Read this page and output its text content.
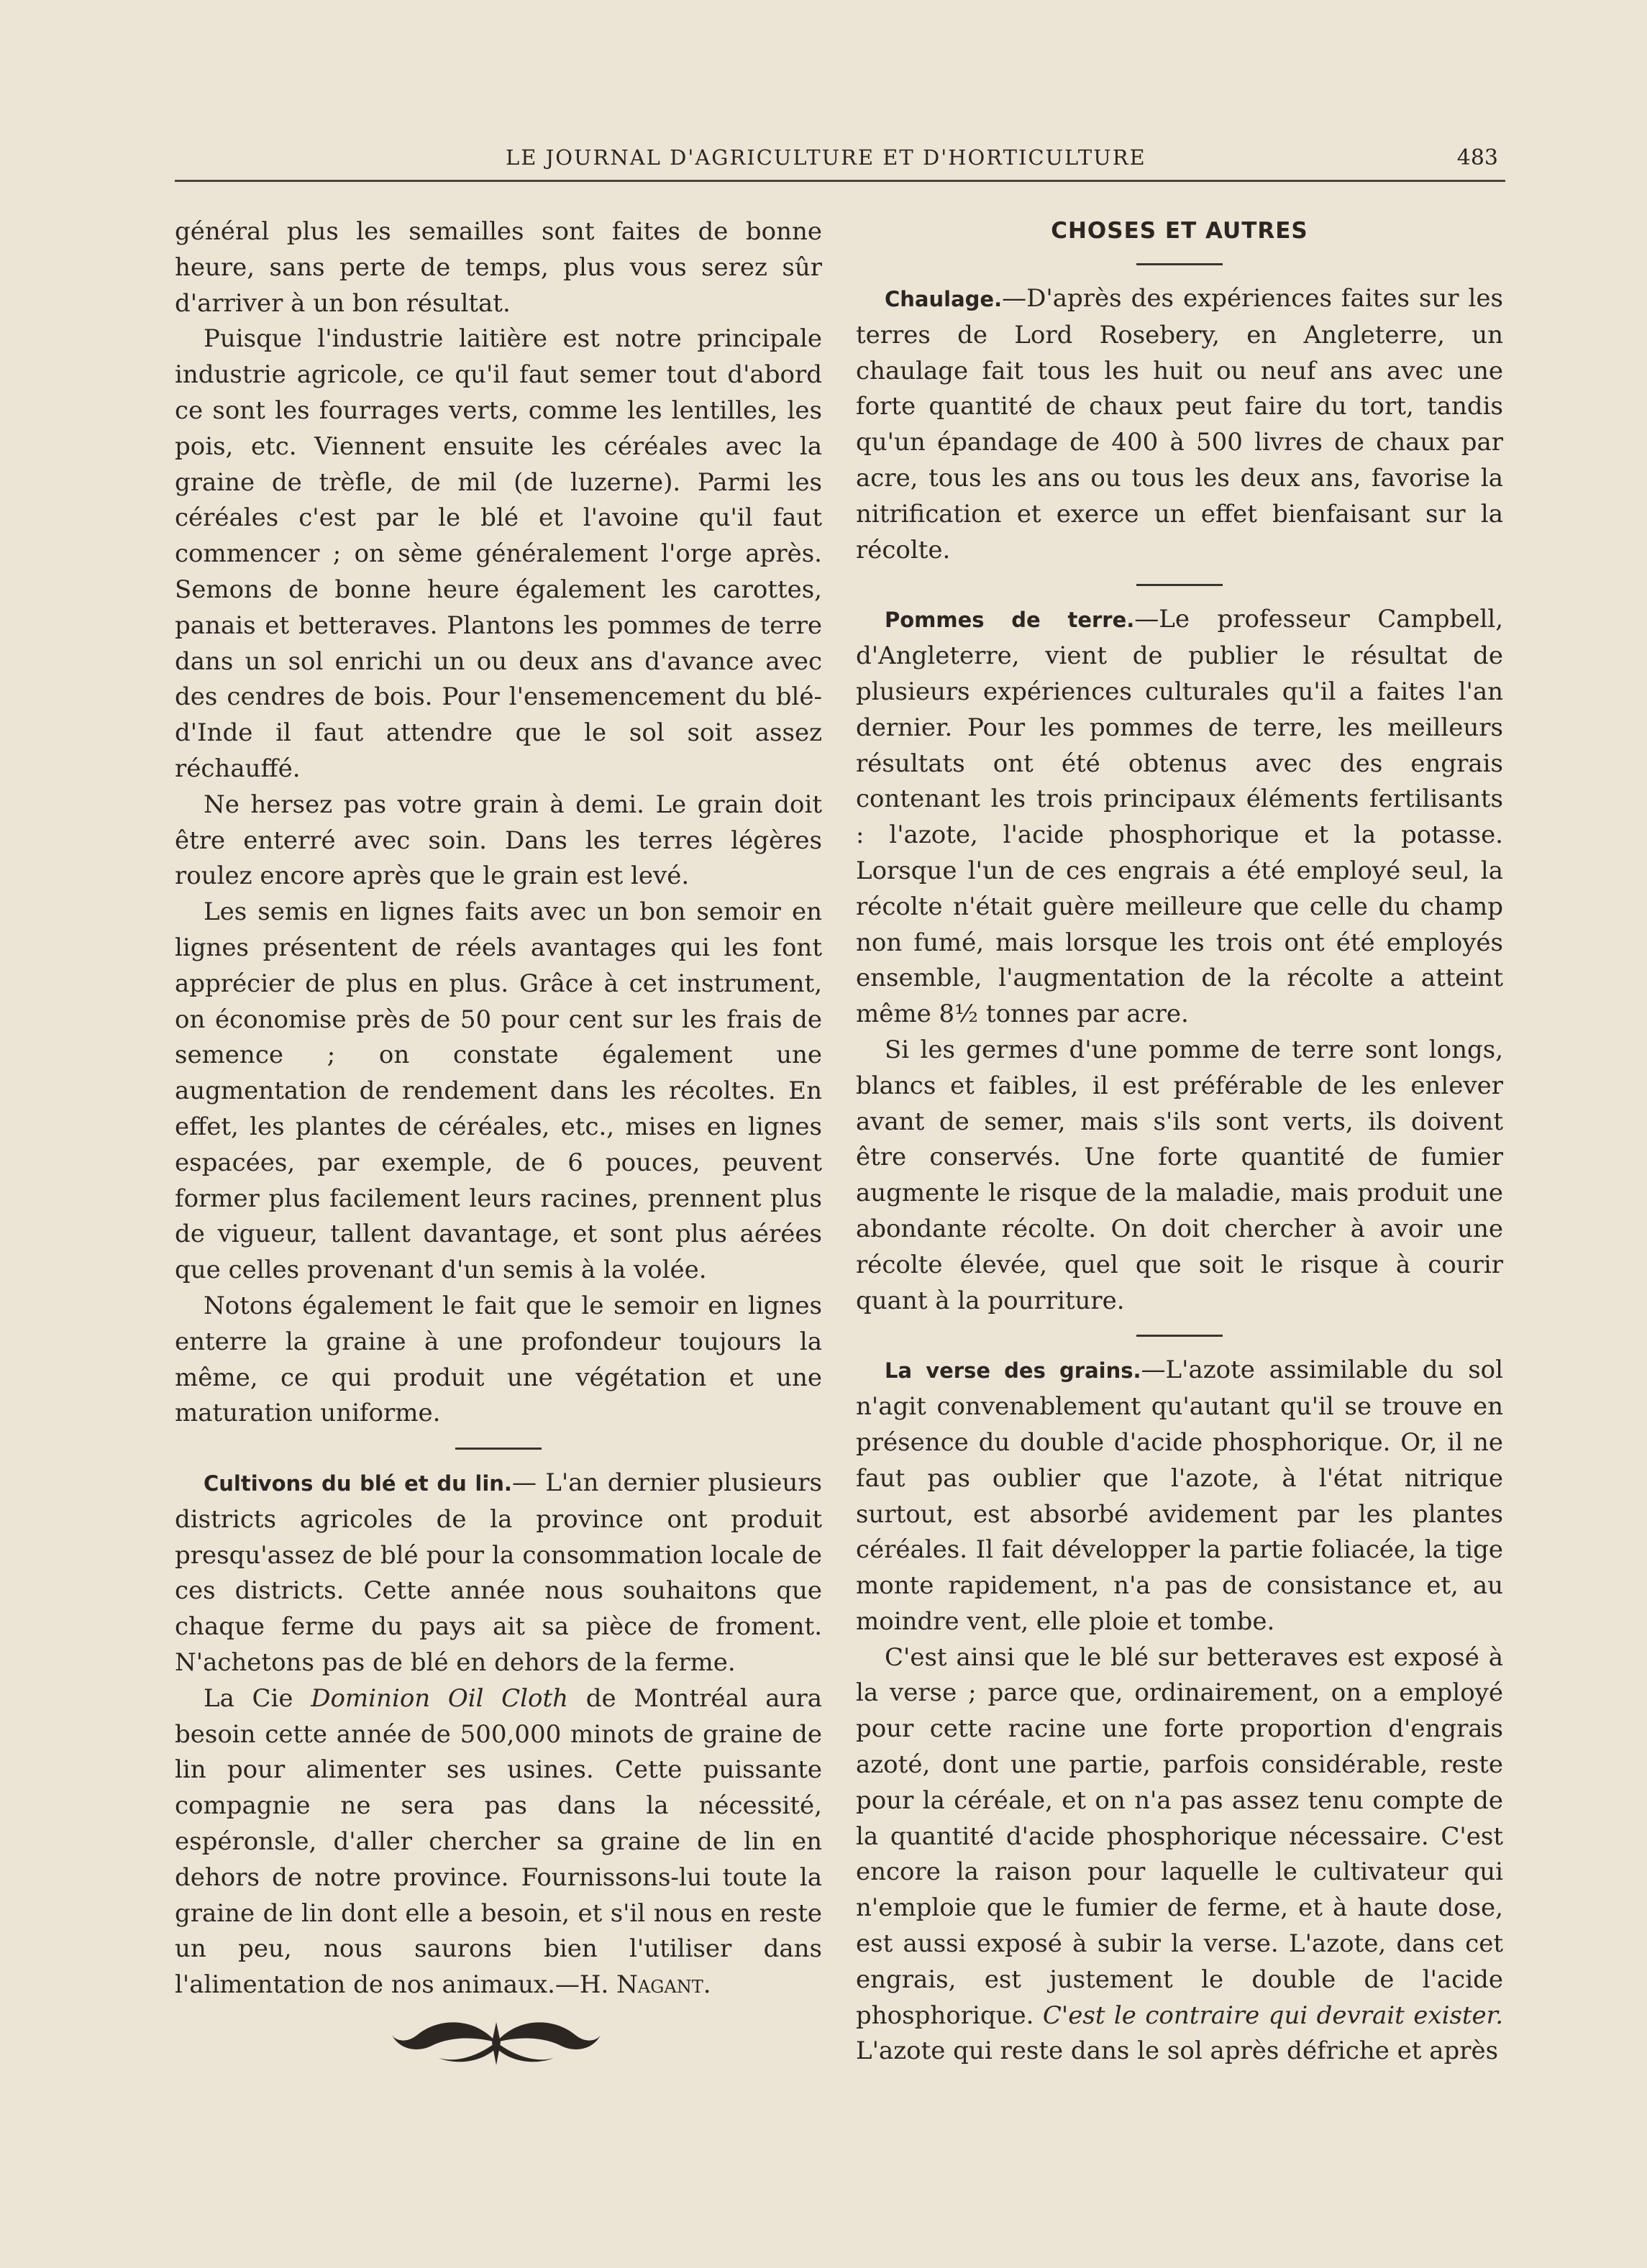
LE JOURNAL D'AGRICULTURE ET D'HORTICULTURE	483

général plus les semailles sont faites de bonne heure, sans perte de temps, plus vous serez sûr d'arriver à un bon résultat.

Puisque l'industrie laitière est notre principale industrie agricole, ce qu'il faut semer tout d'abord ce sont les fourrages verts, comme les lentilles, les pois, etc. Viennent ensuite les céréales avec la graine de trèfle, de mil (de luzerne). Parmi les céréales c'est par le blé et l'avoine qu'il faut commencer ; on sème généralement l'orge après. Semons de bonne heure également les carottes, panais et betteraves. Plantons les pommes de terre dans un sol enrichi un ou deux ans d'avance avec des cendres de bois. Pour l'ensemencement du blé-d'Inde il faut attendre que le sol soit assez réchauffé.

Ne hersez pas votre grain à demi. Le grain doit être enterré avec soin. Dans les terres légères roulez encore après que le grain est levé.

Les semis en lignes faits avec un bon semoir en lignes présentent de réels avantages qui les font apprécier de plus en plus. Grâce à cet instrument, on économise près de 50 pour cent sur les frais de semence ; on constate également une augmentation de rendement dans les récoltes. En effet, les plantes de céréales, etc., mises en lignes espacées, par exemple, de 6 pouces, peuvent former plus facilement leurs racines, prennent plus de vigueur, tallent davantage, et sont plus aérées que celles provenant d'un semis à la volée.

Notons également le fait que le semoir en lignes enterre la graine à une profondeur toujours la même, ce qui produit une végétation et une maturation uniforme.

Cultivons du blé et du lin.— L'an dernier plusieurs districts agricoles de la province ont produit presqu'assez de blé pour la consommation locale de ces districts. Cette année nous souhaitons que chaque ferme du pays ait sa pièce de froment. N'achetons pas de blé en dehors de la ferme.

La Cie Dominion Oil Cloth de Montréal aura besoin cette année de 500,000 minots de graine de lin pour alimenter ses usines. Cette puissante compagnie ne sera pas dans la nécessité, espéronsle, d'aller chercher sa graine de lin en dehors de notre province. Fournissons-lui toute la graine de lin dont elle a besoin, et s'il nous en reste un peu, nous saurons bien l'utiliser dans l'alimentation de nos animaux.—H. Nagant.

CHOSES ET AUTRES

Chaulage.—D'après des expériences faites sur les terres de Lord Rosebery, en Angleterre, un chaulage fait tous les huit ou neuf ans avec une forte quantité de chaux peut faire du tort, tandis qu'un épandage de 400 à 500 livres de chaux par acre, tous les ans ou tous les deux ans, favorise la nitrification et exerce un effet bienfaisant sur la récolte.

Pommes de terre.—Le professeur Campbell, d'Angleterre, vient de publier le résultat de plusieurs expériences culturales qu'il a faites l'an dernier. Pour les pommes de terre, les meilleurs résultats ont été obtenus avec des engrais contenant les trois principaux éléments fertilisants : l'azote, l'acide phosphorique et la potasse. Lorsque l'un de ces engrais a été employé seul, la récolte n'était guère meilleure que celle du champ non fumé, mais lorsque les trois ont été employés ensemble, l'augmentation de la récolte a atteint même 8½ tonnes par acre.

Si les germes d'une pomme de terre sont longs, blancs et faibles, il est préférable de les enlever avant de semer, mais s'ils sont verts, ils doivent être conservés. Une forte quantité de fumier augmente le risque de la maladie, mais produit une abondante récolte. On doit chercher à avoir une récolte élevée, quel que soit le risque à courir quant à la pourriture.

La verse des grains.—L'azote assimilable du sol n'agit convenablement qu'autant qu'il se trouve en présence du double d'acide phosphorique. Or, il ne faut pas oublier que l'azote, à l'état nitrique surtout, est absorbé avidement par les plantes céréales. Il fait développer la partie foliacée, la tige monte rapidement, n'a pas de consistance et, au moindre vent, elle ploie et tombe.

C'est ainsi que le blé sur betteraves est exposé à la verse ; parce que, ordinairement, on a employé pour cette racine une forte proportion d'engrais azoté, dont une partie, parfois considérable, reste pour la céréale, et on n'a pas assez tenu compte de la quantité d'acide phosphorique nécessaire. C'est encore la raison pour laquelle le cultivateur qui n'emploie que le fumier de ferme, et à haute dose, est aussi exposé à subir la verse. L'azote, dans cet engrais, est justement le double de l'acide phosphorique. C'est le contraire qui devrait exister. L'azote qui reste dans le sol après défriche et après
